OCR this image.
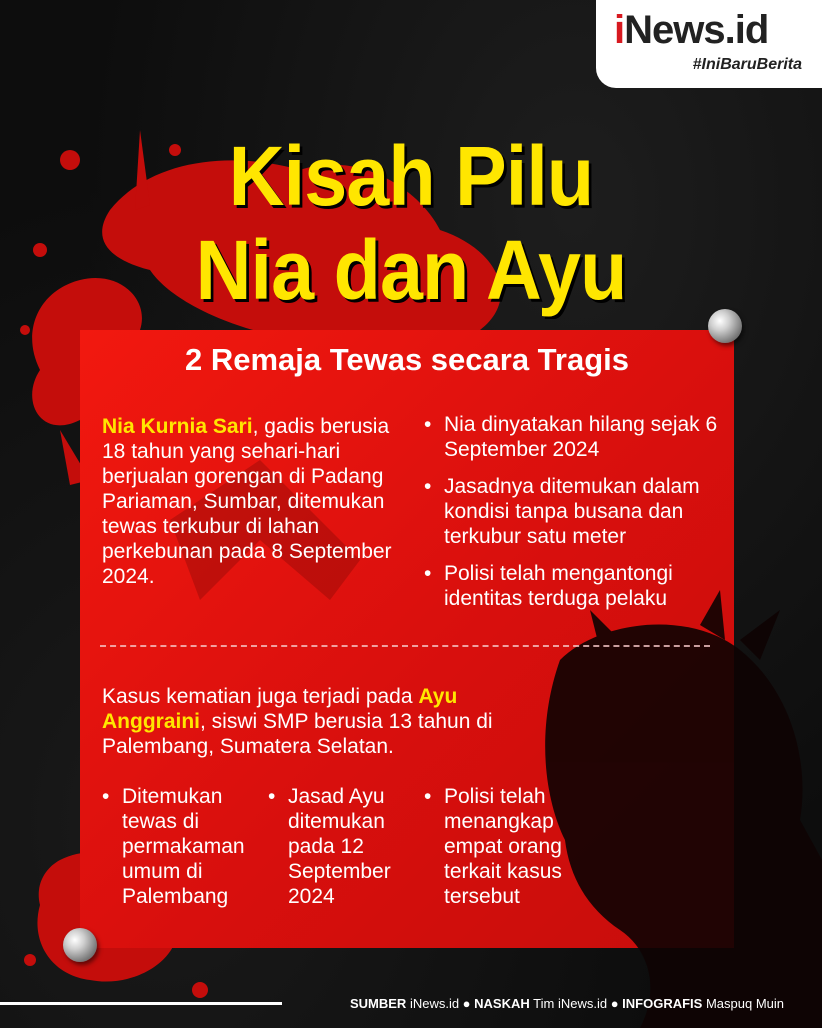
iNews.id
#IniBaruBerita
Kisah Pilu
Nia dan Ayu
2 Remaja Tewas secara Tragis
Nia Kurnia Sari, gadis berusia 18 tahun yang sehari-hari berjualan gorengan di Padang Pariaman, Sumbar, ditemukan tewas terkubur di lahan perkebunan pada 8 September 2024.
• Nia dinyatakan hilang sejak 6 September 2024
• Jasadnya ditemukan dalam kondisi tanpa busana dan terkubur satu meter
• Polisi telah mengantongi identitas terduga pelaku
Kasus kematian juga terjadi pada Ayu Anggraini, siswi SMP berusia 13 tahun di Palembang, Sumatera Selatan.
• Ditemukan tewas di permakaman umum di Palembang
• Jasad Ayu ditemukan pada 12 September 2024
• Polisi telah menangkap empat orang terkait kasus tersebut
SUMBER iNews.id ● NASKAH Tim iNews.id ● INFOGRAFIS Maspuq Muin
